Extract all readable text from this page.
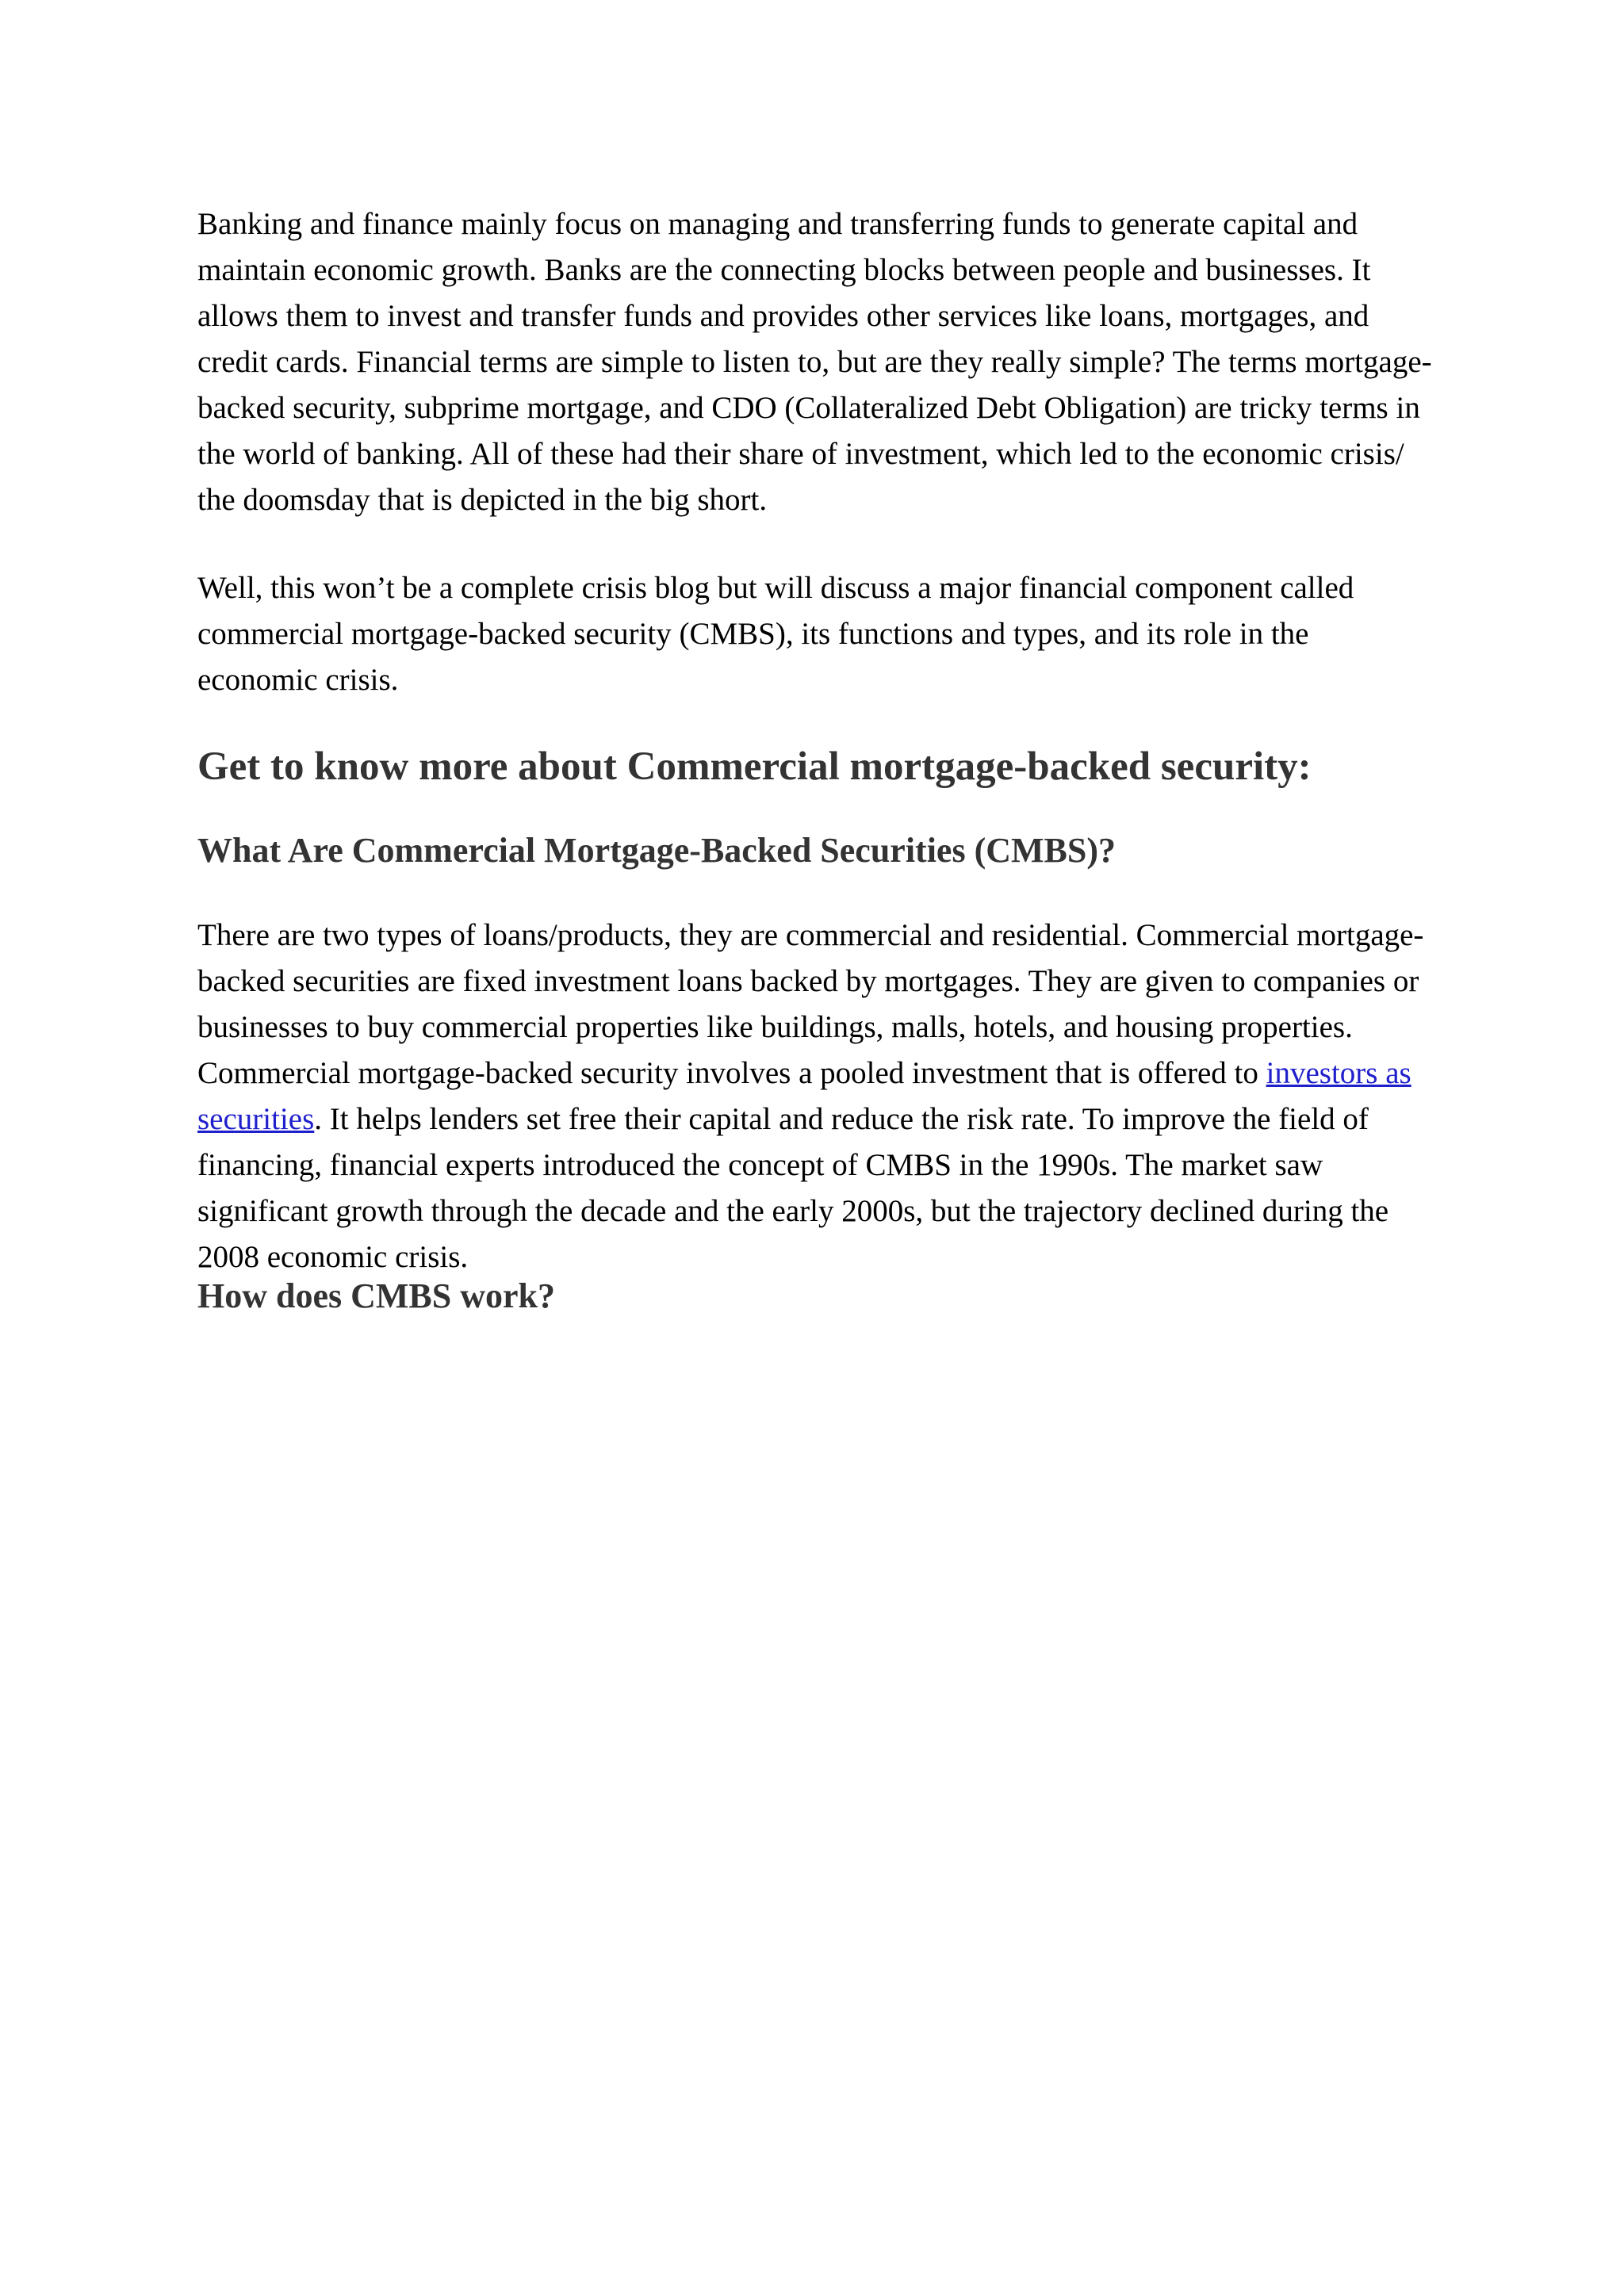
Banking and finance mainly focus on managing and transferring funds to generate capital and maintain economic growth. Banks are the connecting blocks between people and businesses. It allows them to invest and transfer funds and provides other services like loans, mortgages, and credit cards. Financial terms are simple to listen to, but are they really simple? The terms mortgage-backed security, subprime mortgage, and CDO (Collateralized Debt Obligation) are tricky terms in the world of banking. All of these had their share of investment, which led to the economic crisis/ the doomsday that is depicted in the big short.

Well, this won’t be a complete crisis blog but will discuss a major financial component called commercial mortgage-backed security (CMBS), its functions and types, and its role in the economic crisis.

Get to know more about Commercial mortgage-backed security:
What Are Commercial Mortgage-Backed Securities (CMBS)?

There are two types of loans/products, they are commercial and residential. Commercial mortgage-backed securities are fixed investment loans backed by mortgages. They are given to companies or businesses to buy commercial properties like buildings, malls, hotels, and housing properties. Commercial mortgage-backed security involves a pooled investment that is offered to investors as securities. It helps lenders set free their capital and reduce the risk rate. To improve the field of financing, financial experts introduced the concept of CMBS in the 1990s. The market saw significant growth through the decade and the early 2000s, but the trajectory declined during the 2008 economic crisis.

How does CMBS work?
